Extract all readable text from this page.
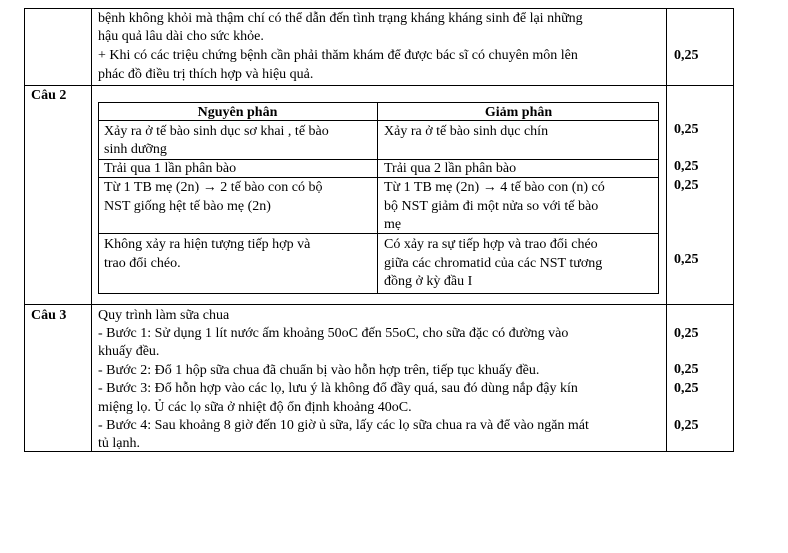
bệnh không khỏi mà thậm chí có thể dẫn đến tình trạng kháng kháng sinh để lại những
hậu quả lâu dài cho sức khỏe.
+ Khi có các triệu chứng bệnh cần phải thăm khám để được bác sĩ có chuyên môn lên
phác đồ điều trị thích hợp và hiệu quả.
0,25
Câu 2
Nguyên phân	Giảm phân
Xảy ra ở tế bào sinh dục sơ khai , tế bào
sinh dưỡng
Xảy ra ở tế bào sinh dục chín
Trải qua 1 lần phân bào	Trải qua 2 lần phân bào
Từ 1 TB mẹ (2n) → 2 tế bào con có bộ
NST giống hệt tế bào mẹ (2n)
Từ 1 TB mẹ (2n) → 4 tế bào con (n) có
bộ NST giảm đi một nửa so với tế bào
mẹ
Không xảy ra hiện tượng tiếp hợp và
trao đổi chéo.
Có xảy ra sự tiếp hợp và trao đổi chéo
giữa các chromatid của các NST tương
đồng ở kỳ đầu I
0,25
0,25
0,25
0,25
Câu 3 Quy trình làm sữa chua
- Bước 1: Sử dụng 1 lít nước ấm khoảng 50oC đến 55oC, cho sữa đặc có đường vào
khuấy đều.
- Bước 2: Đổ 1 hộp sữa chua đã chuẩn bị vào hỗn hợp trên, tiếp tục khuấy đều.
- Bước 3: Đổ hỗn hợp vào các lọ, lưu ý là không đổ đầy quá, sau đó dùng nắp đậy kín
miệng lọ. Ủ các lọ sữa ở nhiệt độ ổn định khoảng 40oC.
- Bước 4: Sau khoảng 8 giờ đến 10 giờ ủ sữa, lấy các lọ sữa chua ra và để vào ngăn mát
tủ lạnh.
0,25
0,25
0,25
0,25
